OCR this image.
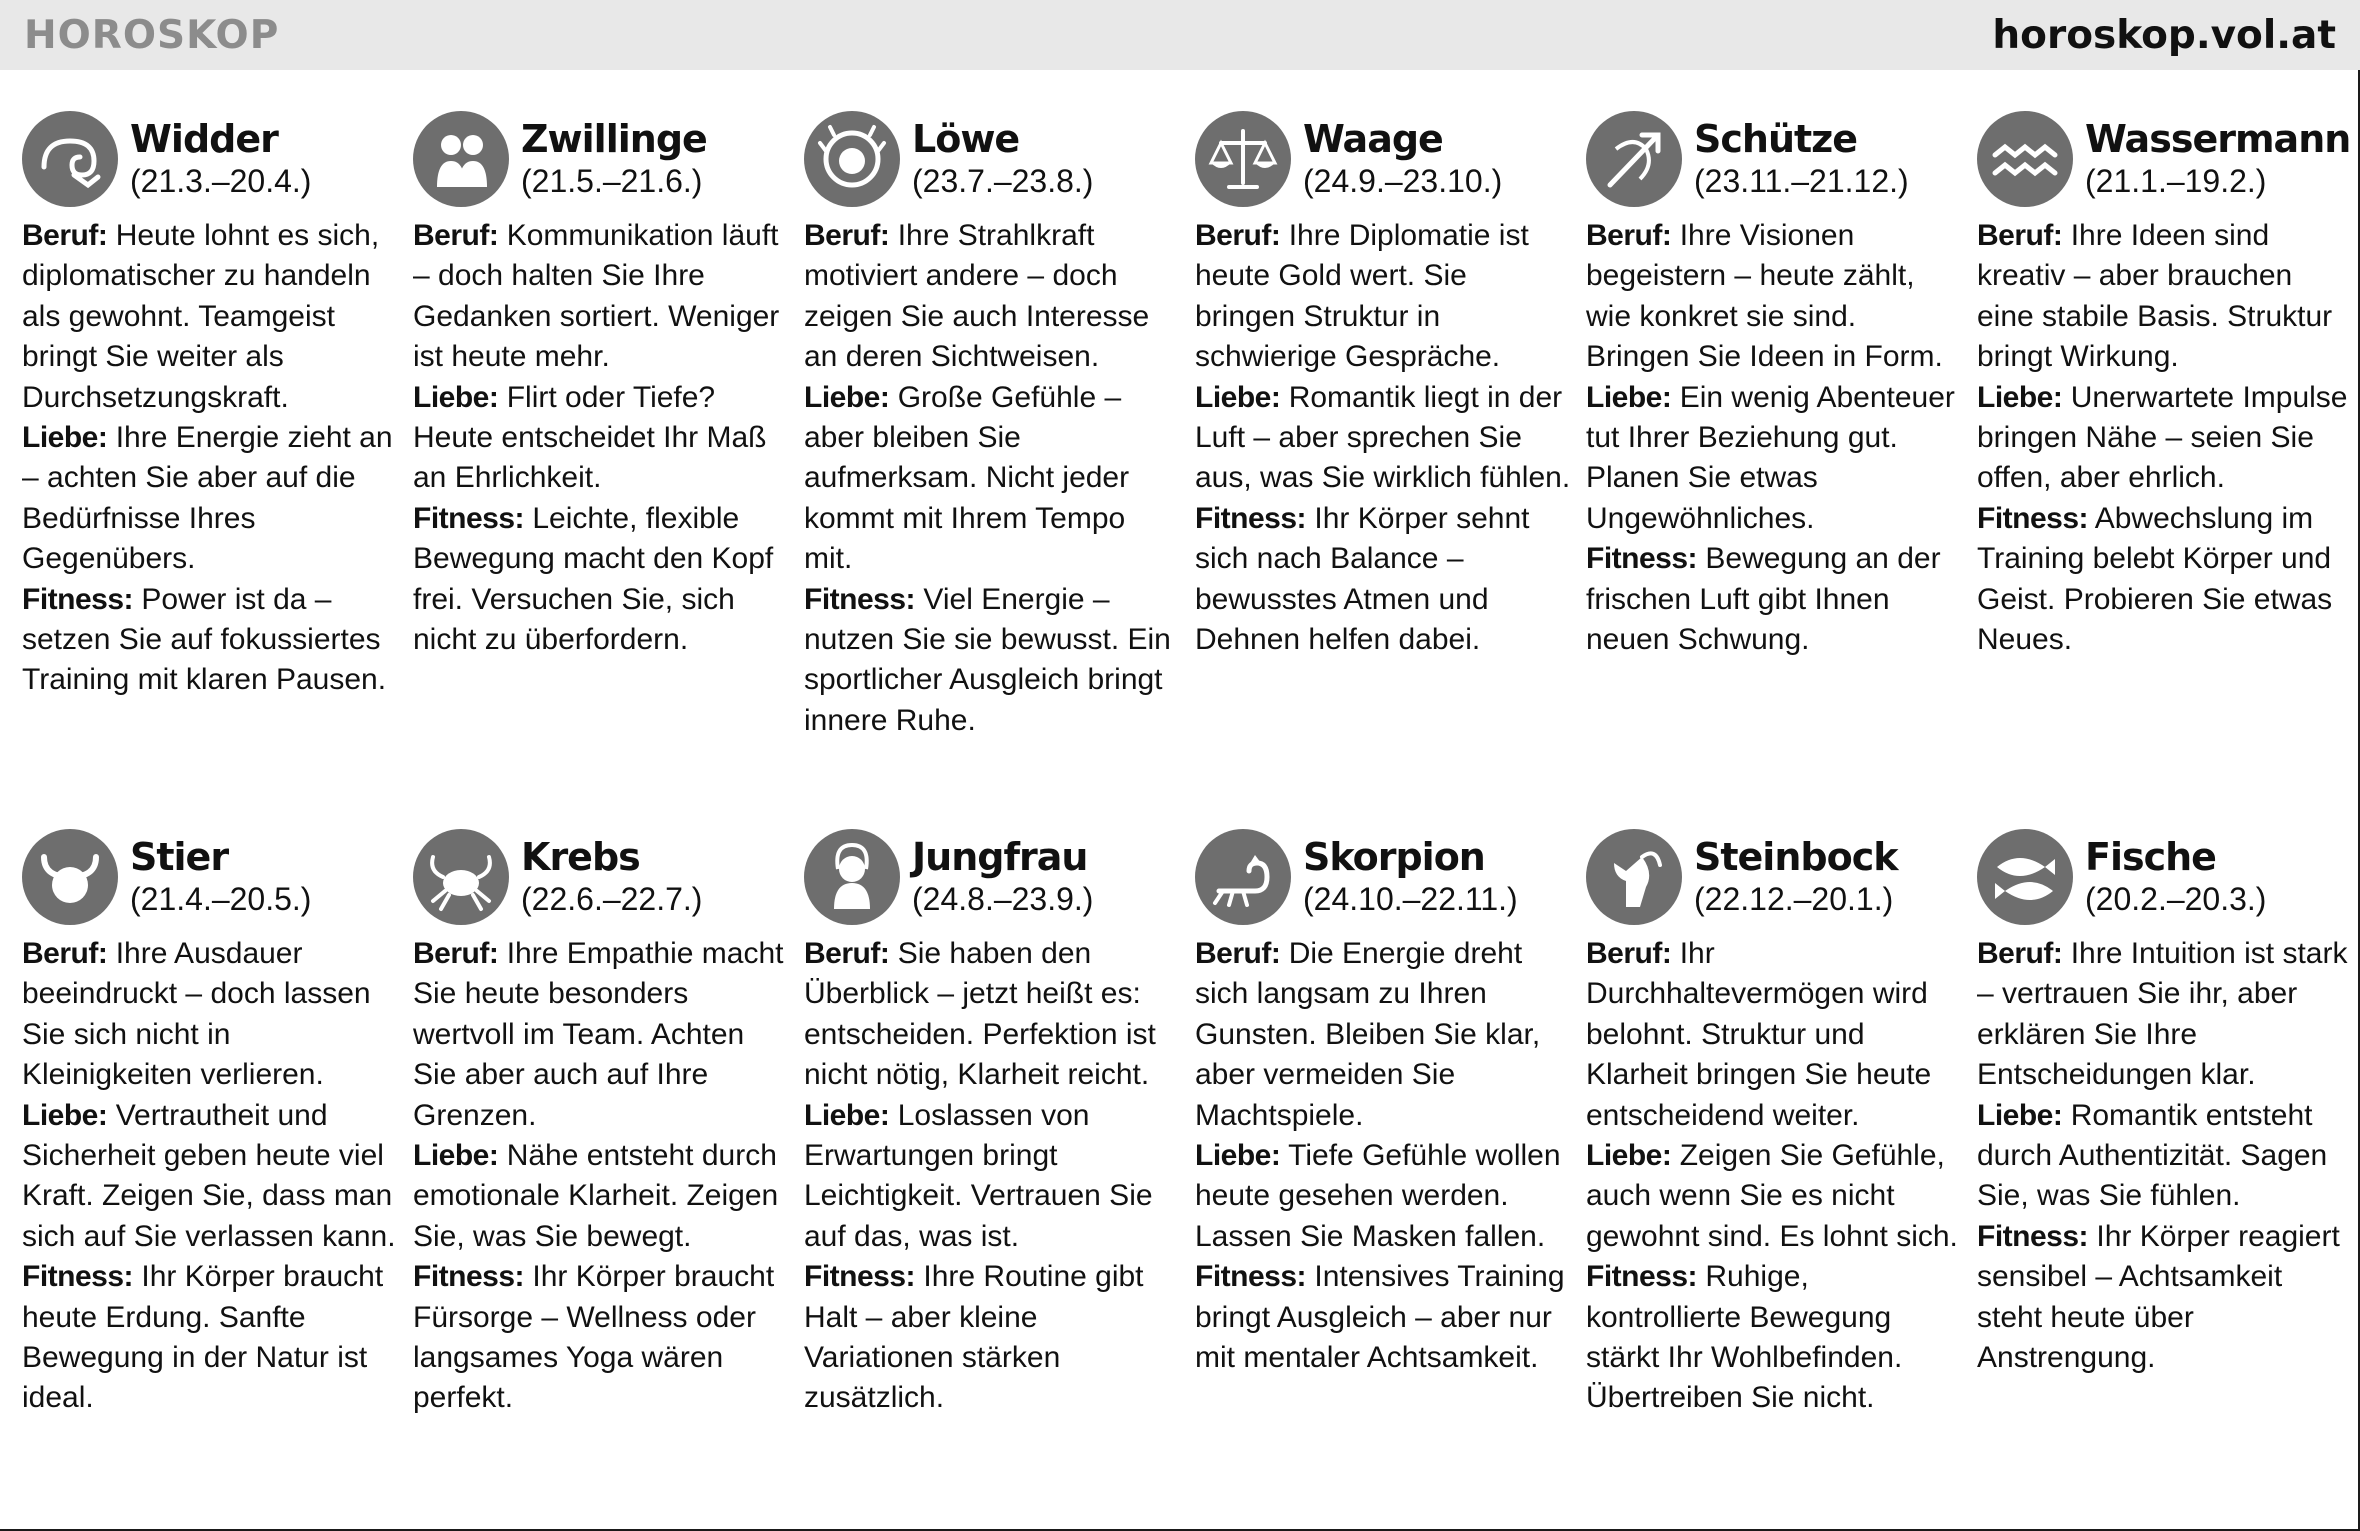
HOROSKOP	horoskop.vol.at
Widder
(21.3.–20.4.)

Beruf: Heute lohnt es sich, diplomatischer zu handeln als gewohnt. Teamgeist bringt Sie weiter als Durchsetzungskraft.

Liebe: Ihre Energie zieht an – achten Sie aber auf die Bedürfnisse Ihres Gegenübers.

Fitness: Power ist da – setzen Sie auf fokussiertes Training mit klaren Pausen.

Zwillinge
(21.5.–21.6.)

Beruf: Kommunikation läuft – doch halten Sie Ihre Gedanken sortiert. Weniger ist heute mehr.

Liebe: Flirt oder Tiefe? Heute entscheidet Ihr Maß an Ehrlichkeit.

Fitness: Leichte, flexible Bewegung macht den Kopf frei. Versuchen Sie, sich nicht zu überfordern.

Löwe
(23.7.–23.8.)

Beruf: Ihre Strahlkraft motiviert andere – doch zeigen Sie auch Interesse an deren Sichtweisen.

Liebe: Große Gefühle – aber bleiben Sie aufmerksam. Nicht jeder kommt mit Ihrem Tempo mit.

Fitness: Viel Energie – nutzen Sie sie bewusst. Ein sportlicher Ausgleich bringt innere Ruhe.

Waage
(24.9.–23.10.)

Beruf: Ihre Diplomatie ist heute Gold wert. Sie bringen Struktur in schwierige Gespräche.

Liebe: Romantik liegt in der Luft – aber sprechen Sie aus, was Sie wirklich fühlen.

Fitness: Ihr Körper sehnt sich nach Balance – bewusstes Atmen und Dehnen helfen dabei.

Schütze
(23.11.–21.12.)

Beruf: Ihre Visionen begeistern – heute zählt, wie konkret sie sind. Bringen Sie Ideen in Form.

Liebe: Ein wenig Abenteuer tut Ihrer Beziehung gut. Planen Sie etwas Ungewöhnliches.

Fitness: Bewegung an der frischen Luft gibt Ihnen neuen Schwung.

Wassermann
(21.1.–19.2.)

Beruf: Ihre Ideen sind kreativ – aber brauchen eine stabile Basis. Struktur bringt Wirkung.

Liebe: Unerwartete Impulse bringen Nähe – seien Sie offen, aber ehrlich.

Fitness: Abwechslung im Training belebt Körper und Geist. Probieren Sie etwas Neues.

Stier
(21.4.–20.5.)

Beruf: Ihre Ausdauer beeindruckt – doch lassen Sie sich nicht in Kleinigkeiten verlieren.

Liebe: Vertrautheit und Sicherheit geben heute viel Kraft. Zeigen Sie, dass man sich auf Sie verlassen kann.

Fitness: Ihr Körper braucht heute Erdung. Sanfte Bewegung in der Natur ist ideal.

Krebs
(22.6.–22.7.)

Beruf: Ihre Empathie macht Sie heute besonders wertvoll im Team. Achten Sie aber auch auf Ihre Grenzen.

Liebe: Nähe entsteht durch emotionale Klarheit. Zeigen Sie, was Sie bewegt.

Fitness: Ihr Körper braucht Fürsorge – Wellness oder langsames Yoga wären perfekt.

Jungfrau
(24.8.–23.9.)

Beruf: Sie haben den Überblick – jetzt heißt es: entscheiden. Perfektion ist nicht nötig, Klarheit reicht.

Liebe: Loslassen von Erwartungen bringt Leichtigkeit. Vertrauen Sie auf das, was ist.

Fitness: Ihre Routine gibt Halt – aber kleine Variationen stärken zusätzlich.

Skorpion
(24.10.–22.11.)

Beruf: Die Energie dreht sich langsam zu Ihren Gunsten. Bleiben Sie klar, aber vermeiden Sie Machtspiele.

Liebe: Tiefe Gefühle wollen heute gesehen werden. Lassen Sie Masken fallen.

Fitness: Intensives Training bringt Ausgleich – aber nur mit mentaler Achtsamkeit.

Steinbock
(22.12.–20.1.)

Beruf: Ihr Durchhaltevermögen wird belohnt. Struktur und Klarheit bringen Sie heute entscheidend weiter.

Liebe: Zeigen Sie Gefühle, auch wenn Sie es nicht gewohnt sind. Es lohnt sich.

Fitness: Ruhige, kontrollierte Bewegung stärkt Ihr Wohlbefinden. Übertreiben Sie nicht.

Fische
(20.2.–20.3.)

Beruf: Ihre Intuition ist stark – vertrauen Sie ihr, aber erklären Sie Ihre Entscheidungen klar.

Liebe: Romantik entsteht durch Authentizität. Sagen Sie, was Sie fühlen.

Fitness: Ihr Körper reagiert sensibel – Achtsamkeit steht heute über Anstrengung.
